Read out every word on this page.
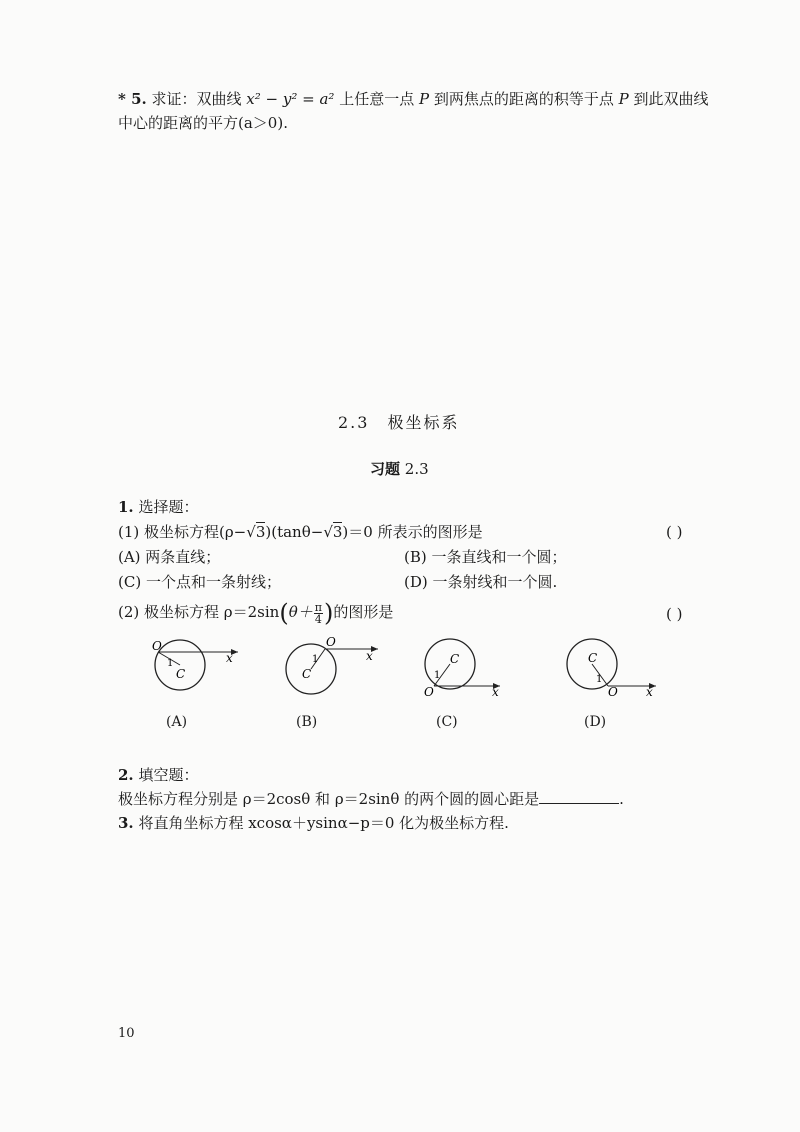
* 5. 求证：双曲线 x² − y² = a² 上任意一点 P 到两焦点的距离的积等于点 P 到此双曲线
中心的距离的平方(a＞0).
2.3　极坐标系
习题 2.3
1. 选择题：
(1) 极坐标方程(ρ−√3)(tanθ−√3)＝0 所表示的图形是	( )
(A) 两条直线；	(B) 一条直线和一个圆；
(C) 一个点和一条射线；	(D) 一条射线和一个圆.
(2) 极坐标方程 $\rho=2\sin(\theta+ \frac{\pi}{4}$ )的图形是	( )
O
x
C
1
(A)
O
x
C
1
(B)
O	x
C
1
(C)
O x
C
1
(D)
2. 填空题：
极坐标方程分别是 ρ＝2cosθ 和 ρ＝2sinθ 的两个圆的圆心距是	.
3. 将直角坐标方程 xcosα＋ysinα−p＝0 化为极坐标方程.
10
